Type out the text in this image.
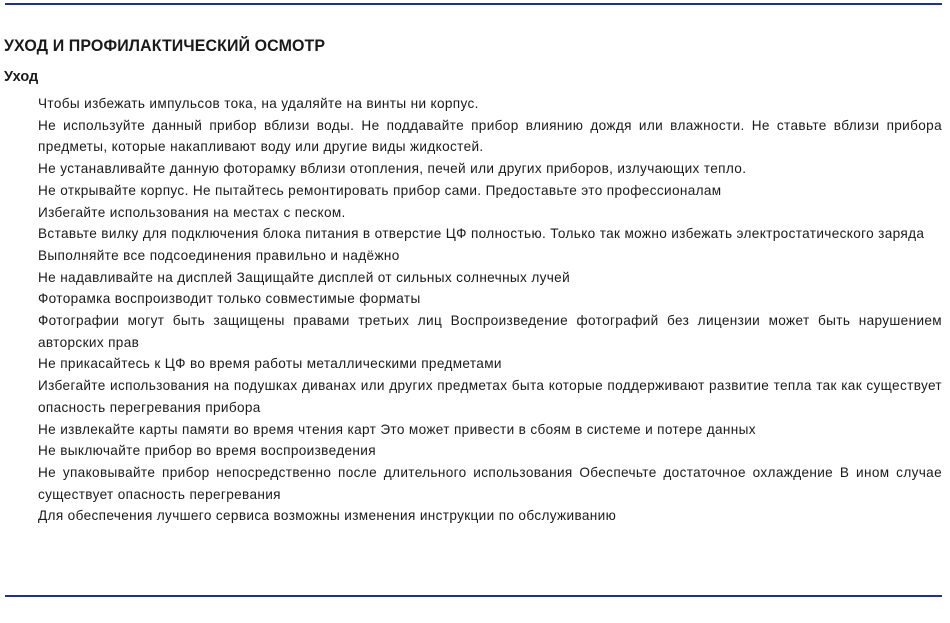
УХОД И ПРОФИЛАКТИЧЕСКИЙ ОСМОТР
Уход
Чтобы избежать импульсов тока, на удаляйте на винты ни корпус.
Не используйте данный прибор вблизи воды. Не поддавайте прибор влиянию дождя или влажности. Не ставьте вблизи прибора предметы, которые накапливают воду или другие виды жидкостей.
Не устанавливайте данную фоторамку вблизи отопления, печей или других приборов, излучающих тепло.
Не открывайте корпус. Не пытайтесь ремонтировать прибор сами. Предоставьте это профессионалам
Избегайте использования на местах с песком.
Вставьте вилку для подключения блока питания в отверстие ЦФ полностью. Только так можно избежать электростатического заряда
Выполняйте все подсоединения правильно и надёжно
Не надавливайте на дисплей Защищайте дисплей от сильных солнечных лучей
Фоторамка воспроизводит только совместимые форматы
Фотографии могут быть защищены правами третьих лиц Воспроизведение фотографий без лицензии может быть нарушением авторских прав
Не прикасайтесь к ЦФ во время работы металлическими предметами
Избегайте использования на подушках диванах или других предметах быта которые поддерживают развитие тепла так как существует опасность перегревания прибора
Не извлекайте карты памяти во время чтения карт Это может привести в сбоям в системе и потере данных
Не выключайте прибор во время воспроизведения
Не упаковывайте прибор непосредственно после длительного использования Обеспечьте достаточное охлаждение В ином случае существует опасность перегревания
Для обеспечения лучшего сервиса возможны изменения инструкции по обслуживанию
